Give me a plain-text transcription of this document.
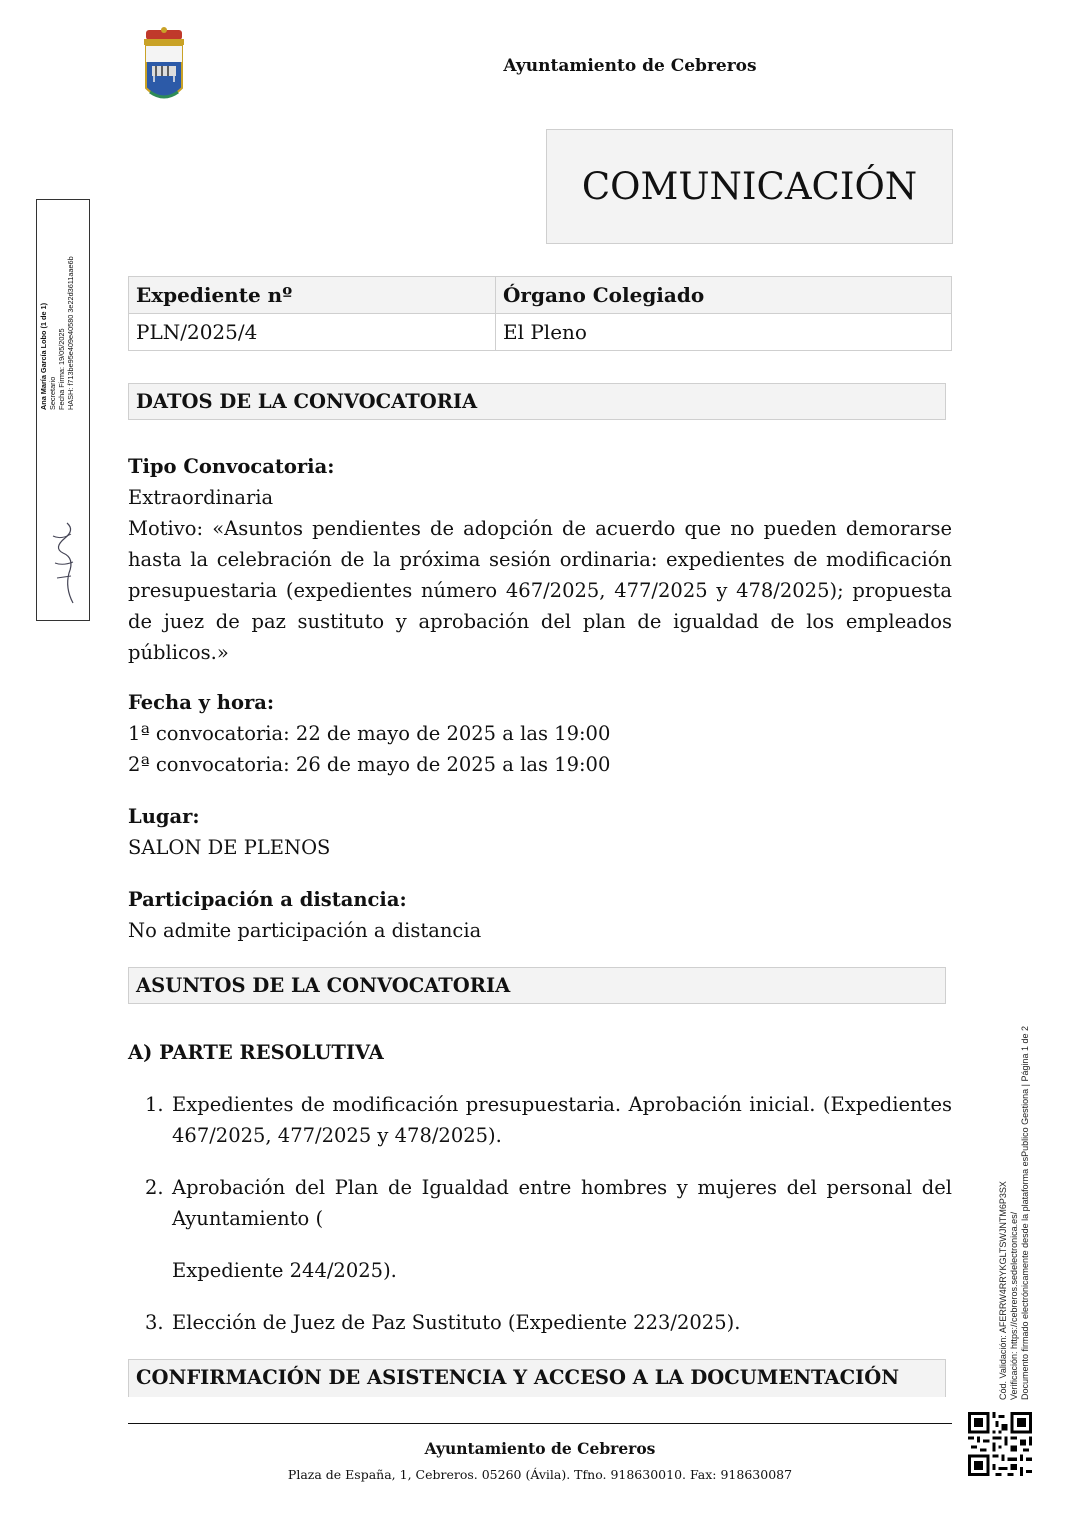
Ayuntamiento de Cebreros
COMUNICACIÓN
Expediente nº	Órgano Colegiado
PLN/2025/4	El Pleno
DATOS DE LA CONVOCATORIA
Tipo Convocatoria:
Extraordinaria
Motivo: «Asuntos pendientes de adopción de acuerdo que no pueden demorarse hasta la celebración de la próxima sesión ordinaria: expedientes de modificación presupuestaria (expedientes número 467/2025, 477/2025 y 478/2025); propuesta de juez de paz sustituto y aprobación del plan de igualdad de los empleados públicos.»
Fecha y hora:
1ª convocatoria: 22 de mayo de 2025 a las 19:00
2ª convocatoria: 26 de mayo de 2025 a las 19:00
Lugar:
SALON DE PLENOS
Participación a distancia:
No admite participación a distancia
ASUNTOS DE LA CONVOCATORIA
A) PARTE RESOLUTIVA
1. Expedientes de modificación presupuestaria. Aprobación inicial. (Expedientes 467/2025, 477/2025 y 478/2025).
2. Aprobación del Plan de Igualdad entre hombres y mujeres del personal del Ayuntamiento (
Expediente 244/2025).
3. Elección de Juez de Paz Sustituto (Expediente 223/2025).
CONFIRMACIÓN DE ASISTENCIA Y ACCESO A LA DOCUMENTACIÓN
Ana María García Lobo (1 de 1) Secretario Fecha Firma: 19/05/2025 HASH: f713be95e409e40580 3e22d3611aae6b
Cód. Validación: AFERRW4RRYKGLTSWJNTM6P3SX Verificación: https://cebreros.sedelectronica.es/ Documento firmado electrónicamente desde la plataforma esPublico Gestiona | Página 1 de 2
Ayuntamiento de Cebreros
Plaza de España, 1, Cebreros. 05260 (Ávila). Tfno. 918630010. Fax: 918630087
